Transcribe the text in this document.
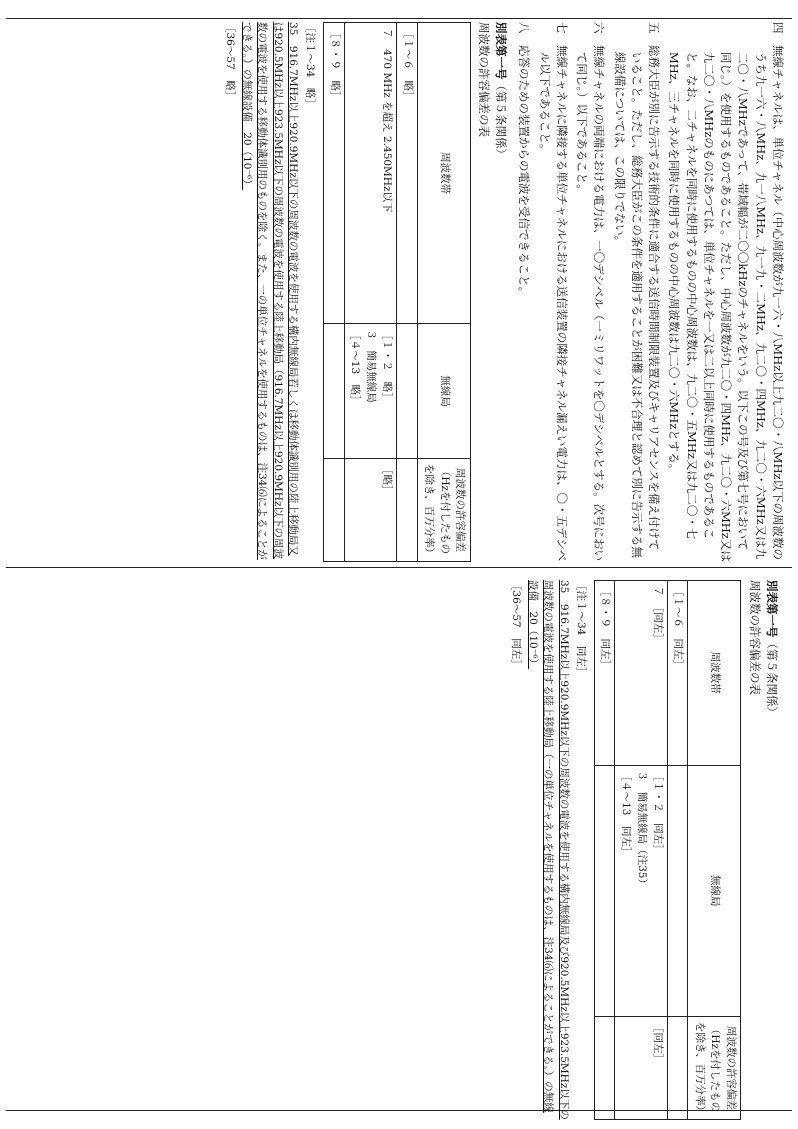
四　無線チャネルは、単位チャネル（中心周波数が九一六・八MHz以上九二〇・八MHz以下の周波数のうち九一六・八MHz、九一八MHz、九一九・二MHz、九二〇・四MHz、九二〇・六MHz又は九二〇・八MHzであって、帯域幅が二〇〇kHzのチャネルをいう。以下この号及び第七号において同じ。）を使用するものであること。ただし、中心周波数が九二〇・四MHz、九二〇・六MHz又は九二〇・八MHzのものにあつては、単位チャネルを一又は二以上同時に使用するものであること。なお、二チャネルを同時に使用するものの中心周波数は、九二〇・五MHz又は九二〇・七MHz、三チャネルを同時に使用するものの中心周波数は九二〇・六MHzとする。
五　総務大臣が別に告示する技術的条件に適合する送信時間制限装置及びキャリアセンスを備え付けていること。ただし、総務大臣がこの条件を適用することが困難又は不合理と認めて別に告示する無線設備については、この限りでない。
六　無線チャネルの両端における電力は、一〇デシベル（一ミリワットを〇デシベルとする。次号において同じ。）以下であること。
七　無線チャネルに隣接する単位チャネルにおける送信装置の隣接チャネル漏えい電力は、〇・五デシベル以下であること。
八　応答のための装置からの電波を受信できること。
別表第一号（第５条関係）
周波数の許容偏差の表
周波数帯	無線局	周波数の許容偏差（Hzを付したものを除き、百万分率）
［１～６　略］		
７　470 MHz を超え 2.450MHz以下	［１・２　略］
３　簡易無線局
［４～13　略］	［略］
［８・９　略］		
［注１～34　略］
35　916.7MHz以上920.9MHz以下の周波数の電波を使用する構内無線局若しくは移動体識別用の陸上移動局又は920.5MHz以上923.5MHz以下の周波数の電波を使用する陸上移動局（916.7MHz以上920.9MHz以下の周波数の電波を使用する移動体識別用のものを除く。また、一の単位チャネルを使用するものは、注34⑹によることができる。）の無線設備　20（10⁻⁶）
［36～57　略］
別表第一号（第５条関係）
周波数の許容偏差の表
周波数帯	無線局	周波数の許容偏差（Hzを付したものを除き、百万分率）
［１～６　同左］		
７　［同左］	［１・２　同左］
３　簡易無線局（注35）
［４～13　同左］	［同左］
［８・９　同左］		
［注１～34　同左］
35　916.7MHz以上920.9MHz以下の周波数の電波を使用する構内無線局及び920.5MHz以上923.5MHz以下の周波数の電波を使用する陸上移動局（一の単位チャネルを使用するものは、注34⑹によることができる。）の無線設備　20（10⁻⁶）
［36～57　同左］
